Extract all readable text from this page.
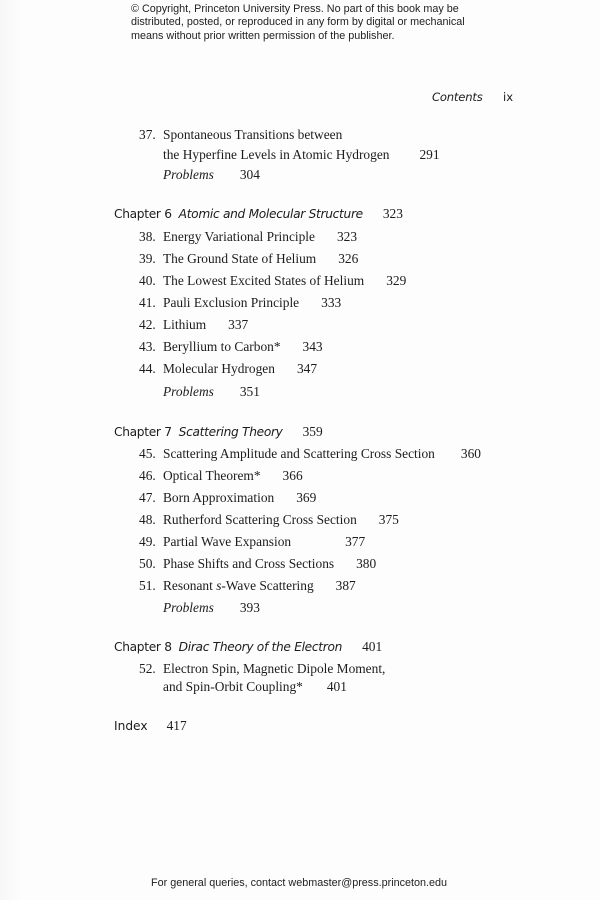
© Copyright, Princeton University Press. No part of this book may be
distributed, posted, or reproduced in any form by digital or mechanical
means without prior written permission of the publisher.
Contents ix
37. Spontaneous Transitions between
the Hyperfine Levels in Atomic Hydrogen 291
Problems 304
Chapter 6 Atomic and Molecular Structure 323
38. Energy Variational Principle 323
39. The Ground State of Helium 326
40. The Lowest Excited States of Helium 329
41. Pauli Exclusion Principle 333
42. Lithium 337
43. Beryllium to Carbon* 343
44. Molecular Hydrogen 347
Problems 351
Chapter 7 Scattering Theory 359
45. Scattering Amplitude and Scattering Cross Section 360
46. Optical Theorem* 366
47. Born Approximation 369
48. Rutherford Scattering Cross Section 375
49. Partial Wave Expansion	377
50. Phase Shifts and Cross Sections 380
51. Resonant s-Wave Scattering 387
Problems 393
Chapter 8 Dirac Theory of the Electron 401
52. Electron Spin, Magnetic Dipole Moment,
and Spin-Orbit Coupling* 401
Index 417
For general queries, contact webmaster@press.princeton.edu
